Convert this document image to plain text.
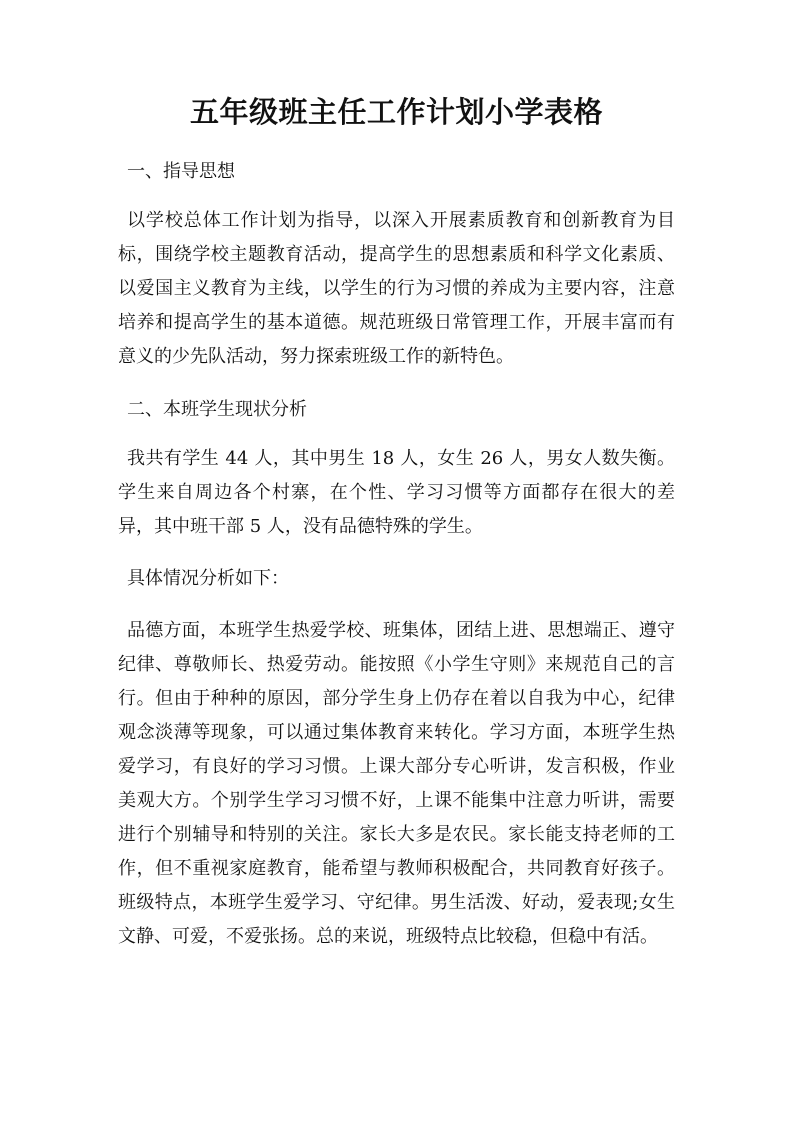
五年级班主任工作计划小学表格
一、指导思想

以学校总体工作计划为指导，以深入开展素质教育和创新教育为目标，围绕学校主题教育活动，提高学生的思想素质和科学文化素质、以爱国主义教育为主线，以学生的行为习惯的养成为主要内容，注意培养和提高学生的基本道德。规范班级日常管理工作，开展丰富而有意义的少先队活动，努力探索班级工作的新特色。

二、本班学生现状分析

我共有学生 44 人，其中男生 18 人，女生 26 人，男女人数失衡。学生来自周边各个村寨，在个性、学习习惯等方面都存在很大的差异，其中班干部 5 人，没有品德特殊的学生。

具体情况分析如下：

品德方面，本班学生热爱学校、班集体，团结上进、思想端正、遵守纪律、尊敬师长、热爱劳动。能按照《小学生守则》来规范自己的言行。但由于种种的原因，部分学生身上仍存在着以自我为中心，纪律观念淡薄等现象，可以通过集体教育来转化。学习方面，本班学生热爱学习，有良好的学习习惯。上课大部分专心听讲，发言积极，作业美观大方。个别学生学习习惯不好，上课不能集中注意力听讲，需要进行个别辅导和特别的关注。家长大多是农民。家长能支持老师的工作，但不重视家庭教育，能希望与教师积极配合，共同教育好孩子。班级特点，本班学生爱学习、守纪律。男生活泼、好动，爱表现;女生文静、可爱，不爱张扬。总的来说，班级特点比较稳，但稳中有活。
